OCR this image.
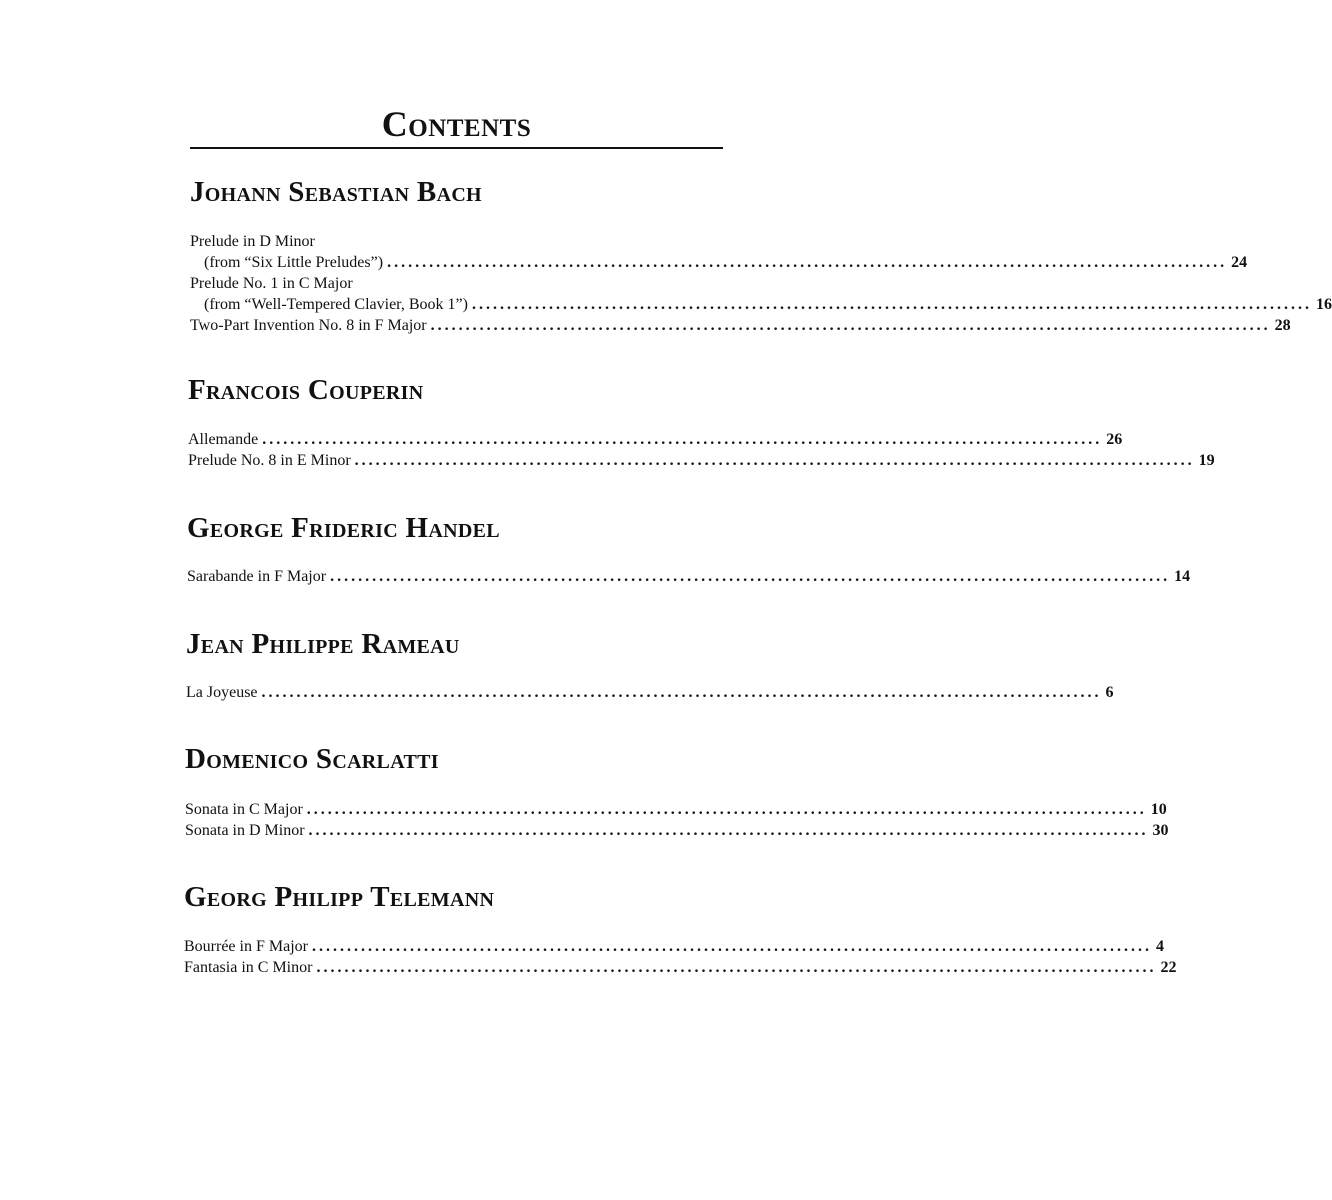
Contents
Johann Sebastian Bach
Prelude in D Minor
(from “Six Little Preludes”) ........................................................................................................................ 24
Prelude No. 1 in C Major
(from “Well-Tempered Clavier, Book 1”) ........................................................................................................................ 16
Two-Part Invention No. 8 in F Major ........................................................................................................................ 28
Francois Couperin
Allemande ........................................................................................................................ 26
Prelude No. 8 in E Minor ........................................................................................................................ 19
George Frideric Handel
Sarabande in F Major ........................................................................................................................ 14
Jean Philippe Rameau
La Joyeuse ........................................................................................................................ 6
Domenico Scarlatti
Sonata in C Major ........................................................................................................................ 10
Sonata in D Minor ........................................................................................................................ 30
Georg Philipp Telemann
Bourrée in F Major ........................................................................................................................ 4
Fantasia in C Minor ........................................................................................................................ 22
